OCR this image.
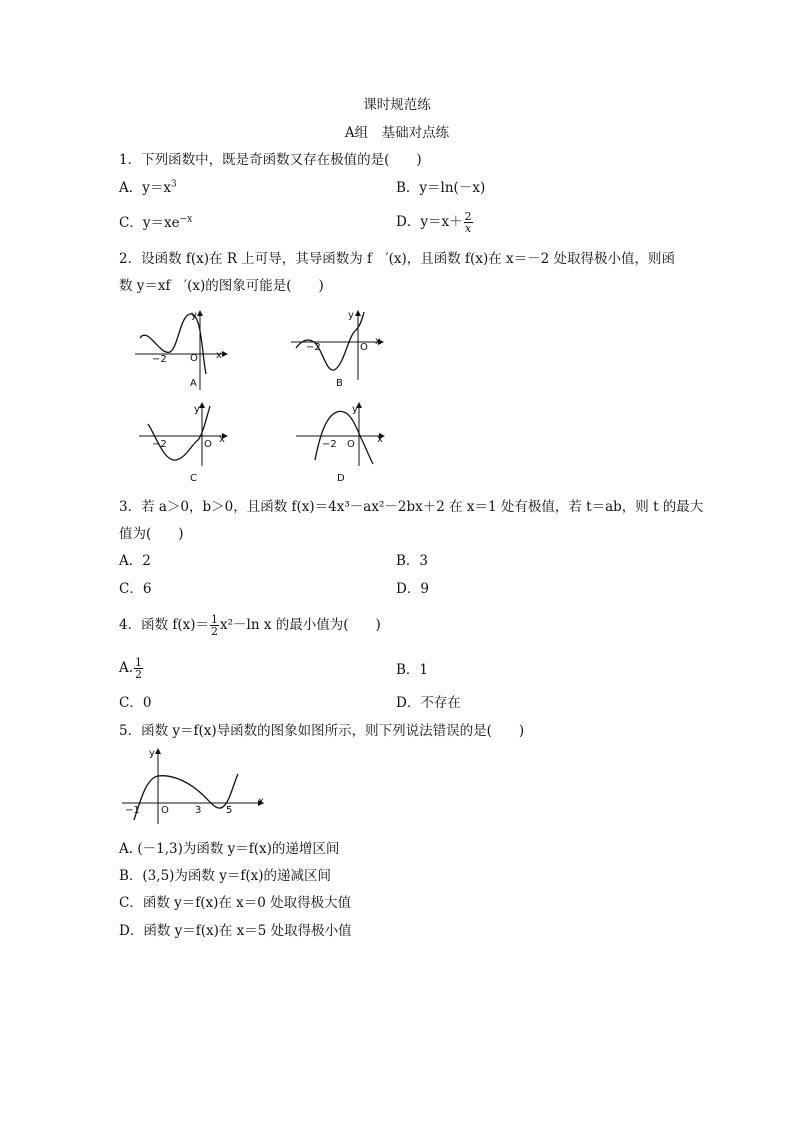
课时规范练
A组　基础对点练
1．下列函数中，既是奇函数又存在极值的是(　　)
A．$y=x^3$	B．y＝ln(－x)
C．$y=xe^{-x}$	D．$y=x+ \frac{2}{x}$
2．设函数 f(x)在 R 上可导，其导函数为 f　′(x)，且函数 f(x)在 x＝－2 处取得极小值，则函
数 y＝xf　′(x)的图象可能是(　　)
y
x
O
−2
A
y
x
O
−2
B
y
x
O
−2
C
y
x
O
−2
D
3．若 a＞0，b＞0，且函数 f(x)＝4x³－ax²－2bx＋2 在 x＝1 处有极值，若 t＝ab，则 t 的最大
值为(　　)
A．2	B．3
C．6	D．9
4．函数 $f(x)= \frac{1}{2} x^2-\ln$ x 的最小值为(　　)
A. $\frac{1}{2}$	B．1
C．0	D．不存在
5．函数 y＝f(x)导函数的图象如图所示，则下列说法错误的是(　　)
y
x
−1 O	3 5
A. (－1,3)为函数 y＝f(x)的递增区间
B．(3,5)为函数 y＝f(x)的递减区间
C．函数 y＝f(x)在 x＝0 处取得极大值
D．函数 y＝f(x)在 x＝5 处取得极小值
